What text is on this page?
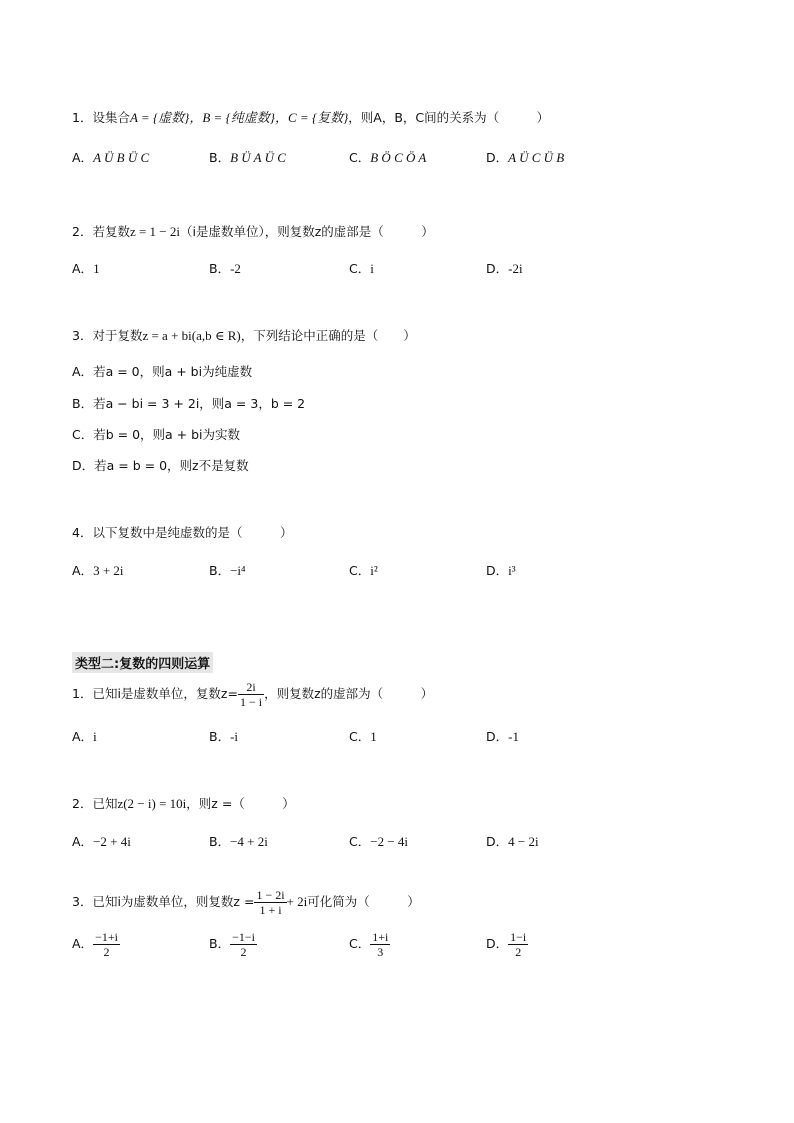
1．设集合A = {虚数}，B = {纯虚数}，C = {复数}，则A，B，C间的关系为（　　　）
A．A Ü B Ü C	B．B Ü A Ü C	C．B Ö C Ö A	D．A Ü C Ü B
2．若复数z = 1 − 2i（i是虚数单位），则复数z的虚部是（　　　）
A．1	B．-2	C．i	D．-2i
3．对于复数z = a + bi(a,b ∈ R)，下列结论中正确的是（　　）
A．若a = 0，则a + bi为纯虚数
B．若a − bi = 3 + 2i，则a = 3，b = 2
C．若b = 0，则a + bi为实数
D．若a = b = 0，则z不是复数
4．以下复数中是纯虚数的是（　　　）
A．3 + 2i	B．−i⁴	C．i²	D．i³
类型二:复数的四则运算
1．已知i是虚数单位，复数$z= \frac{2i}{1 - i}$ ，则复数z的虚部为（　　　）
A．i	B．-i	C．1	D．-1
2．已知z(2 − i) = 10i，则z =（　　　）
A．−2 + 4i	B．−4 + 2i	C．−2 − 4i	D．4 − 2i
3．已知i为虚数单位，则复数$z = \frac{1 - 2i}{1 + i} + 2i$可化简为（　　　）
A． $\frac{-1+i}{2}$	B． $\frac{-1-i}{2}$	C． $\frac{1+i}{3}$	D． $\frac{1-i}{2}$
